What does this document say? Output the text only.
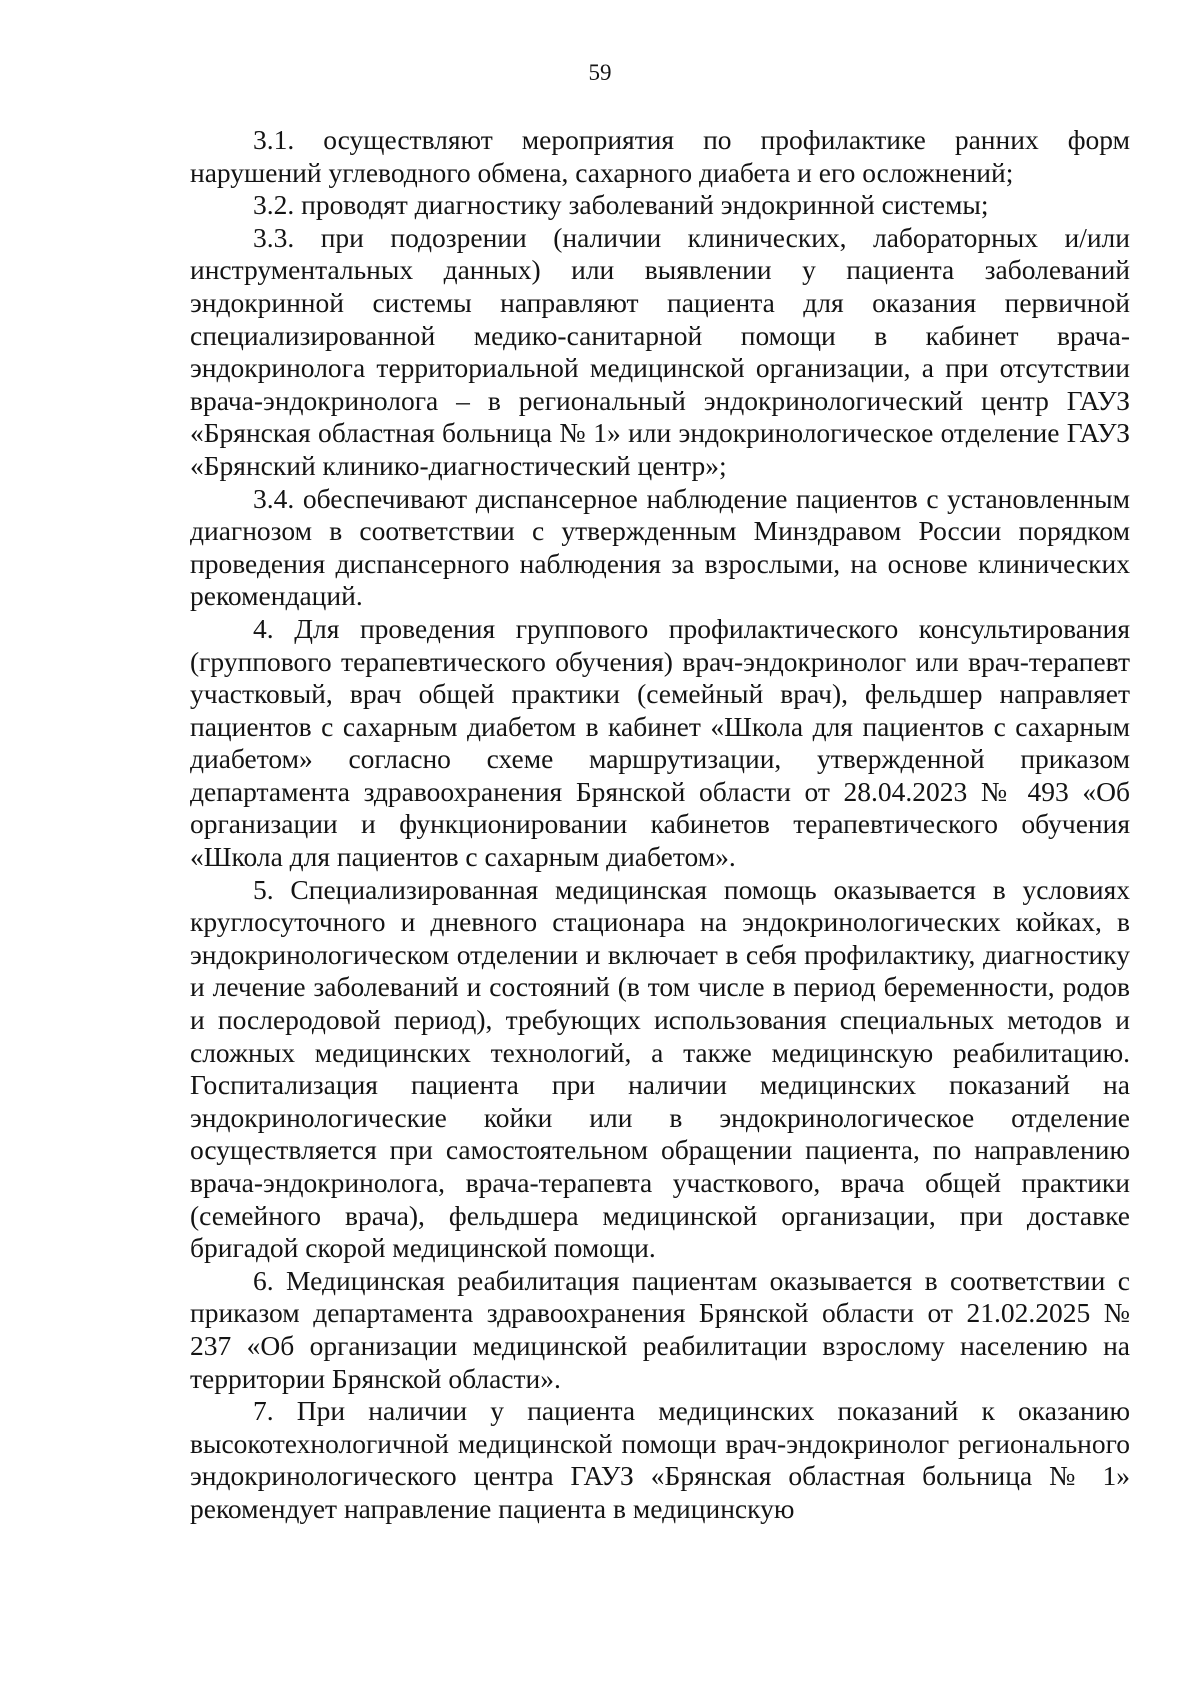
59

3.1. осуществляют мероприятия по профилактике ранних форм нарушений углеводного обмена, сахарного диабета и его осложнений;

3.2. проводят диагностику заболеваний эндокринной системы;

3.3. при подозрении (наличии клинических, лабораторных и/или инструментальных данных) или выявлении у пациента заболеваний эндокринной системы направляют пациента для оказания первичной специализированной медико-санитарной помощи в кабинет врача-эндокринолога территориальной медицинской организации, а при отсутствии врача-эндокринолога – в региональный эндокринологический центр ГАУЗ «Брянская областная больница № 1» или эндокринологическое отделение ГАУЗ «Брянский клинико-диагностический центр»;

3.4. обеспечивают диспансерное наблюдение пациентов с установленным диагнозом в соответствии с утвержденным Минздравом России порядком проведения диспансерного наблюдения за взрослыми, на основе клинических рекомендаций.

4. Для проведения группового профилактического консультирования (группового терапевтического обучения) врач-эндокринолог или врач-терапевт участковый, врач общей практики (семейный врач), фельдшер направляет пациентов с сахарным диабетом в кабинет «Школа для пациентов с сахарным диабетом» согласно схеме маршрутизации, утвержденной приказом департамента здравоохранения Брянской области от 28.04.2023 № 493 «Об организации и функционировании кабинетов терапевтического обучения «Школа для пациентов с сахарным диабетом».

5. Специализированная медицинская помощь оказывается в условиях круглосуточного и дневного стационара на эндокринологических койках, в эндокринологическом отделении и включает в себя профилактику, диагностику и лечение заболеваний и состояний (в том числе в период беременности, родов и послеродовой период), требующих использования специальных методов и сложных медицинских технологий, а также медицинскую реабилитацию. Госпитализация пациента при наличии медицинских показаний на эндокринологические койки или в эндокринологическое отделение осуществляется при самостоятельном обращении пациента, по направлению врача-эндокринолога, врача-терапевта участкового, врача общей практики (семейного врача), фельдшера медицинской организации, при доставке бригадой скорой медицинской помощи.

6. Медицинская реабилитация пациентам оказывается в соответствии с приказом департамента здравоохранения Брянской области от 21.02.2025 № 237 «Об организации медицинской реабилитации взрослому населению на территории Брянской области».

7. При наличии у пациента медицинских показаний к оказанию высокотехнологичной медицинской помощи врач-эндокринолог регионального эндокринологического центра ГАУЗ «Брянская областная больница № 1» рекомендует направление пациента в медицинскую
